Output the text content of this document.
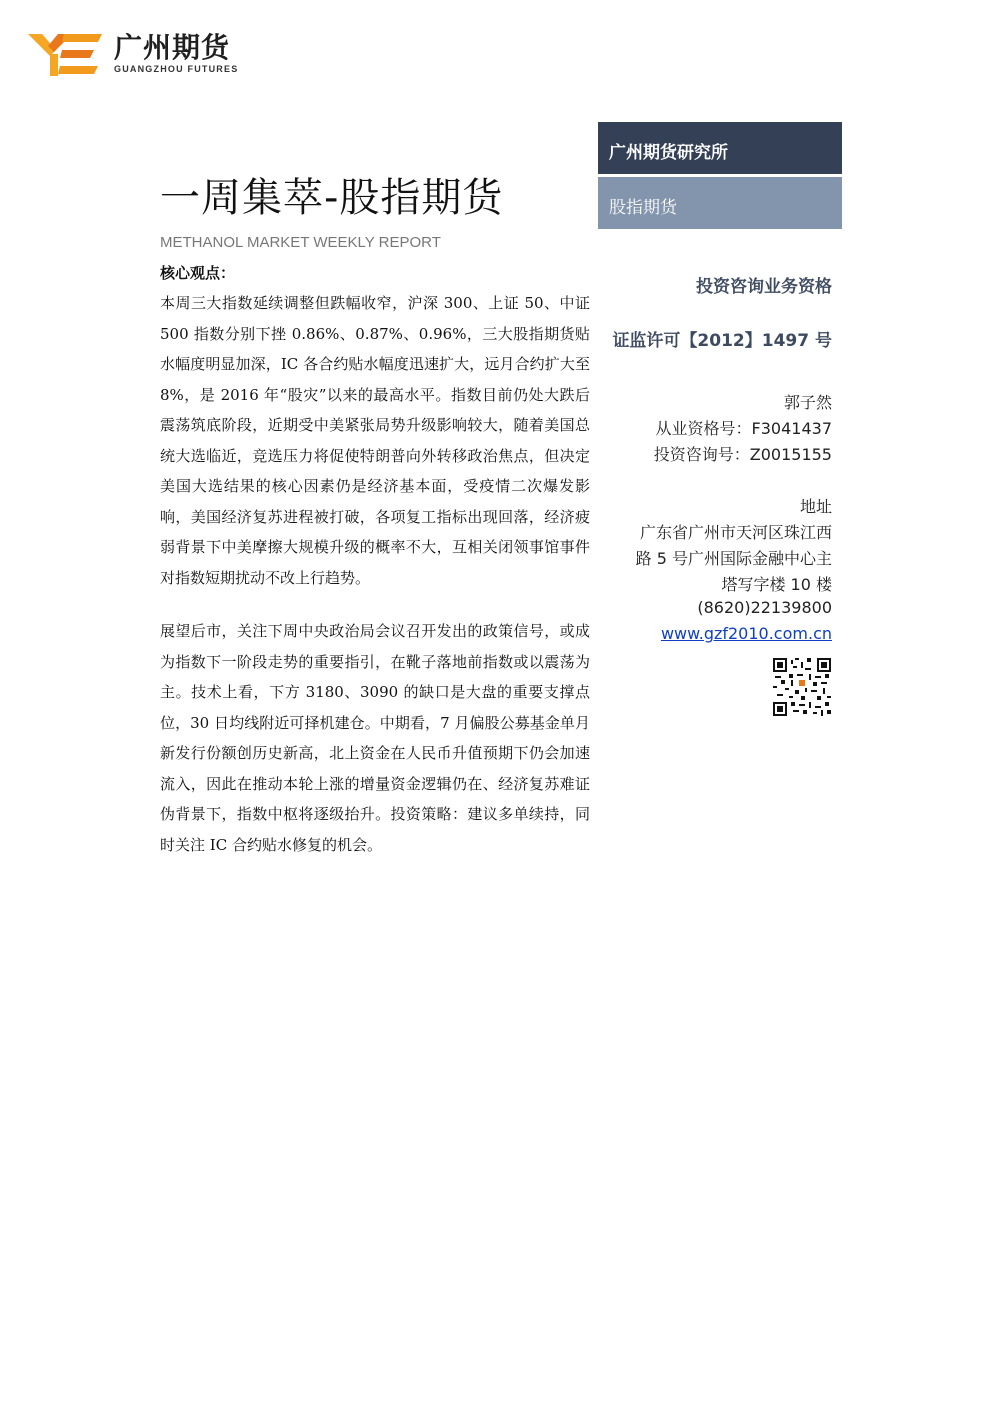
广州期货
GUANGZHOU FUTURES
一周集萃-股指期货
METHANOL MARKET WEEKLY REPORT
广州期货研究所
股指期货
投资咨询业务资格
证监许可【2012】1497 号
郭子然
从业资格号：F3041437
投资咨询号：Z0015155
地址
广东省广州市天河区珠江西
路 5 号广州国际金融中心主
塔写字楼 10 楼
(8620)22139800
www.gzf2010.com.cn
核心观点：
本周三大指数延续调整但跌幅收窄，沪深 300、上证 50、中证 500 指数分别下挫 0.86%、0.87%、0.96%，三大股指期货贴水幅度明显加深，IC 各合约贴水幅度迅速扩大，远月合约扩大至 8%，是 2016 年“股灾”以来的最高水平。指数目前仍处大跌后震荡筑底阶段，近期受中美紧张局势升级影响较大，随着美国总统大选临近，竞选压力将促使特朗普向外转移政治焦点，但决定美国大选结果的核心因素仍是经济基本面，受疫情二次爆发影响，美国经济复苏进程被打破，各项复工指标出现回落，经济疲弱背景下中美摩擦大规模升级的概率不大，互相关闭领事馆事件对指数短期扰动不改上行趋势。
展望后市，关注下周中央政治局会议召开发出的政策信号，或成为指数下一阶段走势的重要指引，在靴子落地前指数或以震荡为主。技术上看，下方 3180、3090 的缺口是大盘的重要支撑点位，30 日均线附近可择机建仓。中期看，7 月偏股公募基金单月新发行份额创历史新高，北上资金在人民币升值预期下仍会加速流入，因此在推动本轮上涨的增量资金逻辑仍在、经济复苏难证伪背景下，指数中枢将逐级抬升。投资策略：建议多单续持，同时关注 IC 合约贴水修复的机会。
